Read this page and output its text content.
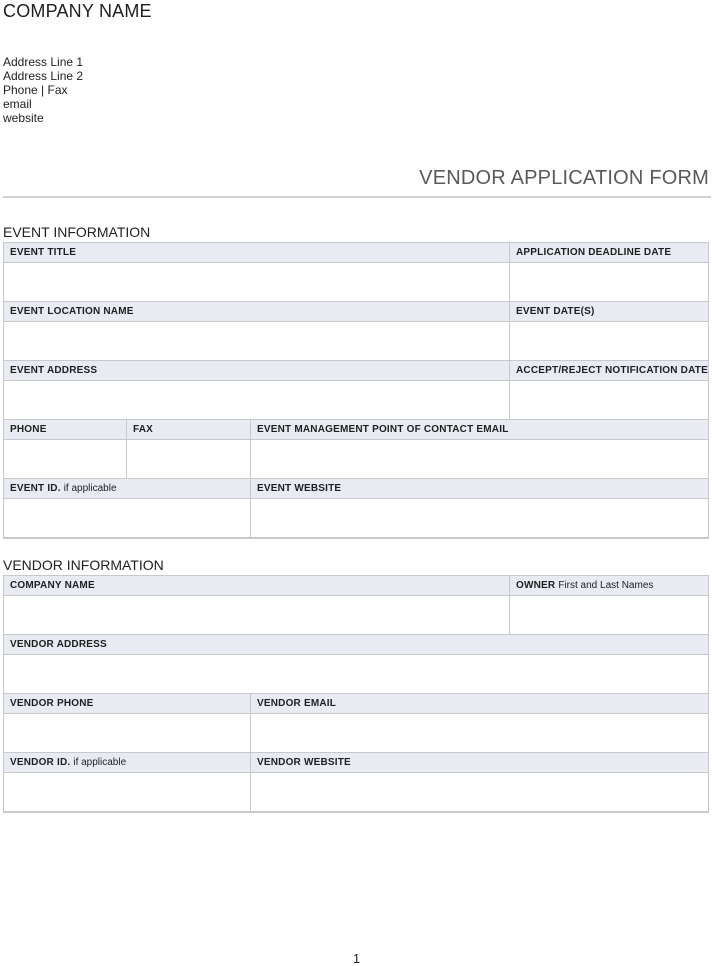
COMPANY NAME
Address Line 1
Address Line 2
Phone | Fax
email
website
VENDOR APPLICATION FORM
EVENT INFORMATION
EVENT TITLE			APPLICATION DEADLINE DATE

EVENT LOCATION NAME			EVENT DATE(S)

EVENT ADDRESS			ACCEPT/REJECT NOTIFICATION DATE

PHONE	FAX	EVENT MANAGEMENT POINT OF CONTACT EMAIL	

EVENT ID. if applicable		EVENT WEBSITE	

VENDOR INFORMATION
COMPANY NAME		OWNER First and Last Names

VENDOR ADDRESS		

VENDOR PHONE	VENDOR EMAIL	

VENDOR ID. if applicable	VENDOR WEBSITE	

1
